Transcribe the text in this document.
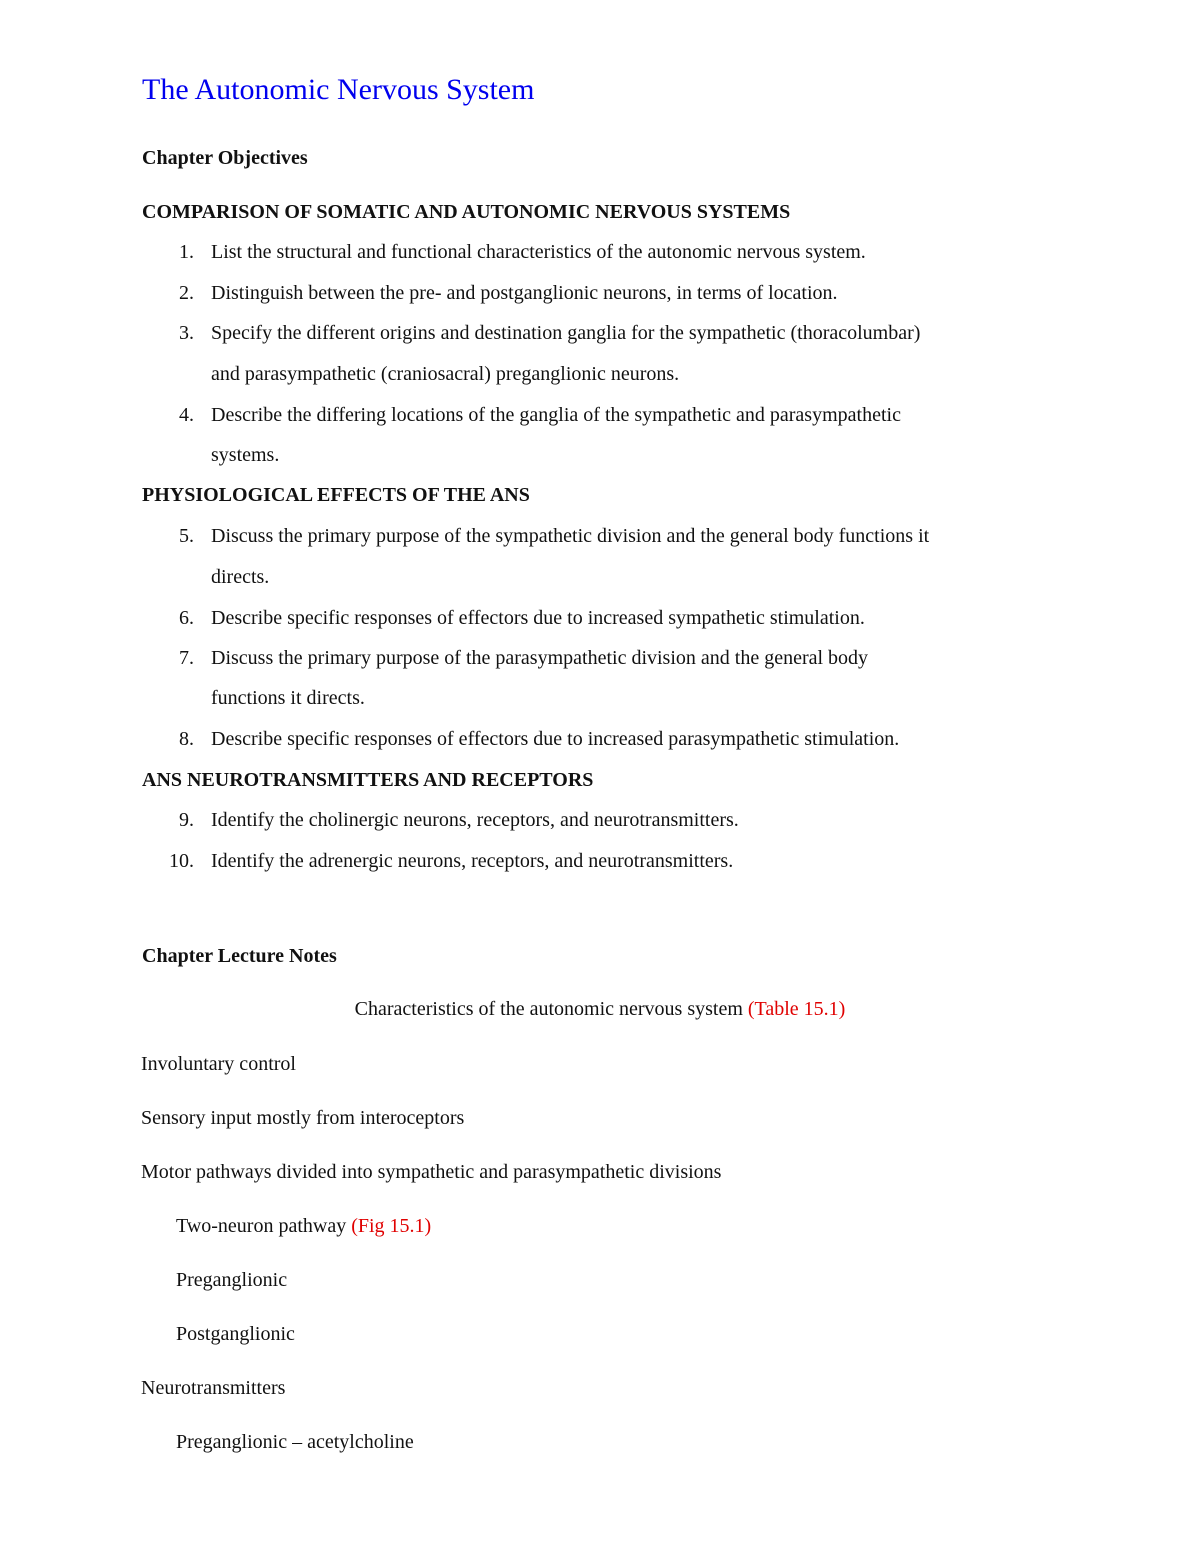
The Autonomic Nervous System
Chapter Objectives
COMPARISON OF SOMATIC AND AUTONOMIC NERVOUS SYSTEMS
1. List the structural and functional characteristics of the autonomic nervous system.
2. Distinguish between the pre- and postganglionic neurons, in terms of location.
3. Specify the different origins and destination ganglia for the sympathetic (thoracolumbar)
and parasympathetic (craniosacral) preganglionic neurons.
4. Describe the differing locations of the ganglia of the sympathetic and parasympathetic
systems.
PHYSIOLOGICAL EFFECTS OF THE ANS
5. Discuss the primary purpose of the sympathetic division and the general body functions it
directs.
6. Describe specific responses of effectors due to increased sympathetic stimulation.
7. Discuss the primary purpose of the parasympathetic division and the general body
functions it directs.
8. Describe specific responses of effectors due to increased parasympathetic stimulation.
ANS NEUROTRANSMITTERS AND RECEPTORS
9. Identify the cholinergic neurons, receptors, and neurotransmitters.
10. Identify the adrenergic neurons, receptors, and neurotransmitters.
Chapter Lecture Notes
Characteristics of the autonomic nervous system (Table 15.1)
Involuntary control
Sensory input mostly from interoceptors
Motor pathways divided into sympathetic and parasympathetic divisions
Two-neuron pathway (Fig 15.1)
Preganglionic
Postganglionic
Neurotransmitters
Preganglionic – acetylcholine
